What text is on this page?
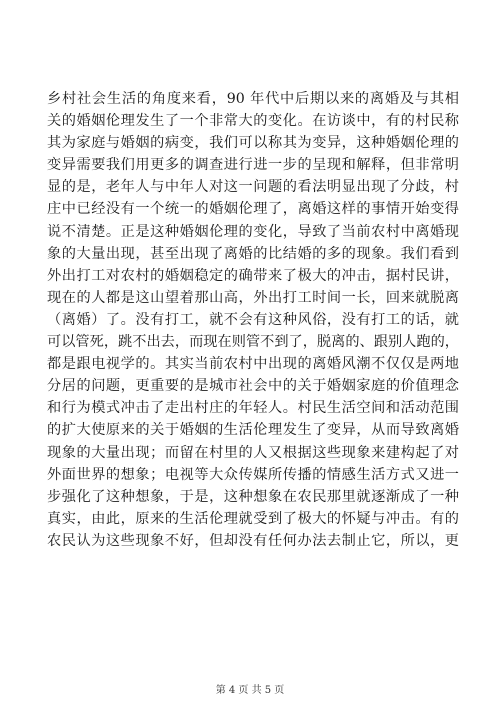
乡村社会生活的角度来看，90 年代中后期以来的离婚及与其相
关的婚姻伦理发生了一个非常大的变化。在访谈中，有的村民称
其为家庭与婚姻的病变，我们可以称其为变异，这种婚姻伦理的
变异需要我们用更多的调查进行进一步的呈现和解释，但非常明
显的是，老年人与中年人对这一问题的看法明显出现了分歧，村
庄中已经没有一个统一的婚姻伦理了，离婚这样的事情开始变得
说不清楚。正是这种婚姻伦理的变化，导致了当前农村中离婚现
象的大量出现，甚至出现了离婚的比结婚的多的现象。我们看到
外出打工对农村的婚姻稳定的确带来了极大的冲击，据村民讲，
现在的人都是这山望着那山高，外出打工时间一长，回来就脱离
（离婚）了。没有打工，就不会有这种风俗，没有打工的话，就
可以管死，跳不出去，而现在则管不到了，脱离的、跟别人跑的，
都是跟电视学的。其实当前农村中出现的离婚风潮不仅仅是两地
分居的问题，更重要的是城市社会中的关于婚姻家庭的价值理念
和行为模式冲击了走出村庄的年轻人。村民生活空间和活动范围
的扩大使原来的关于婚姻的生活伦理发生了变异，从而导致离婚
现象的大量出现；而留在村里的人又根据这些现象来建构起了对
外面世界的想象；电视等大众传媒所传播的情感生活方式又进一
步强化了这种想象，于是，这种想象在农民那里就逐渐成了一种
真实，由此，原来的生活伦理就受到了极大的怀疑与冲击。有的
农民认为这些现象不好，但却没有任何办法去制止它，所以，更
第 4 页 共 5 页
